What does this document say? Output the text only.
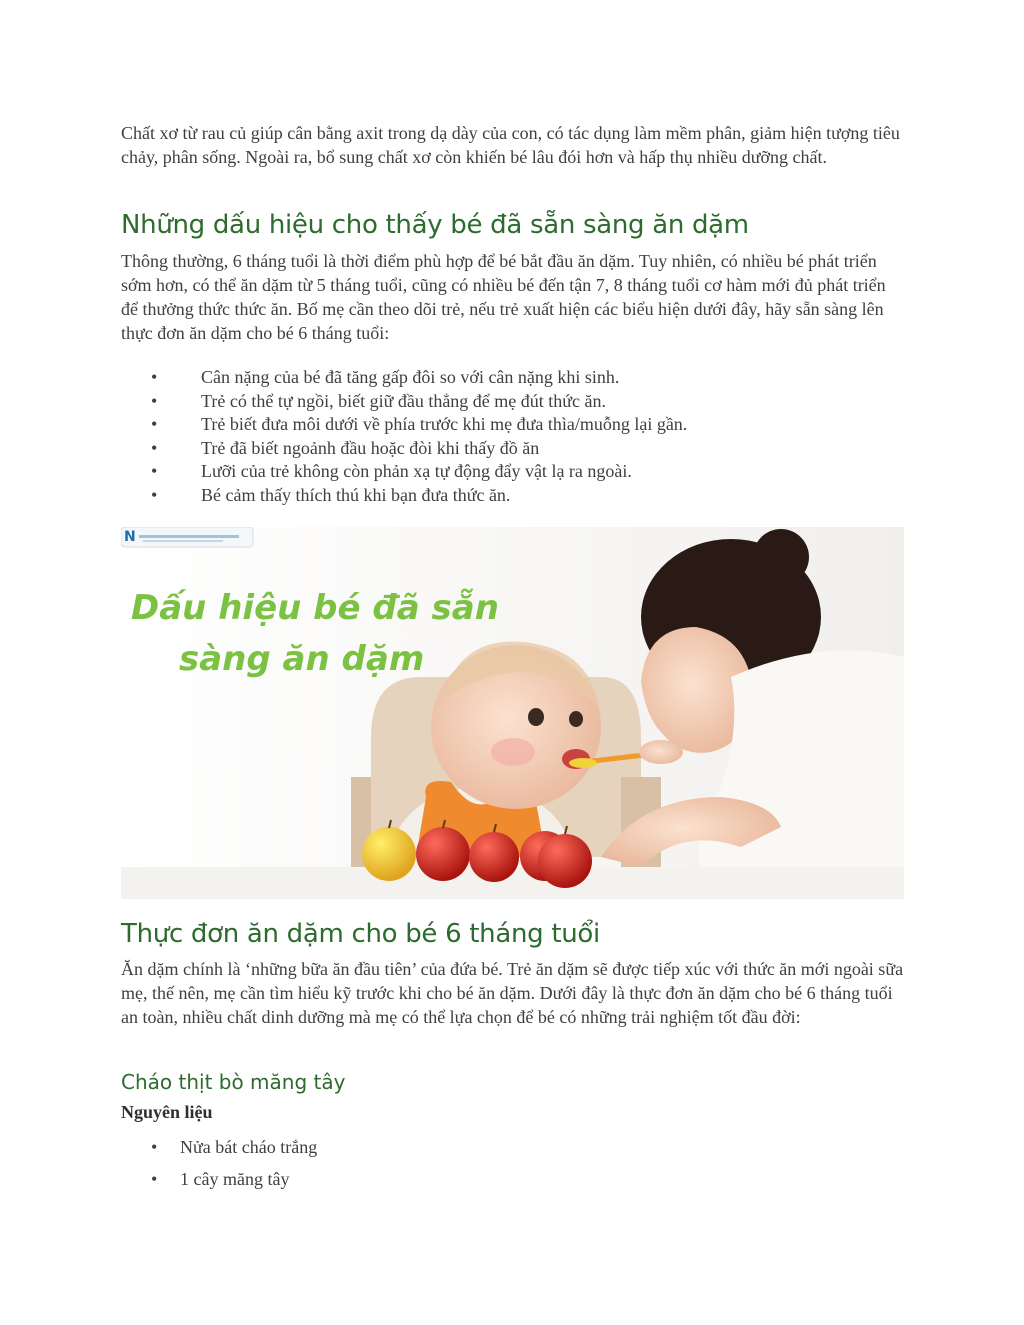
Chất xơ từ rau củ giúp cân bằng axit trong dạ dày của con, có tác dụng làm mềm phân, giảm hiện tượng tiêu chảy, phân sống. Ngoài ra, bổ sung chất xơ còn khiến bé lâu đói hơn và hấp thụ nhiều dưỡng chất.

Những dấu hiệu cho thấy bé đã sẵn sàng ăn dặm

Thông thường, 6 tháng tuổi là thời điểm phù hợp để bé bắt đầu ăn dặm. Tuy nhiên, có nhiều bé phát triển sớm hơn, có thể ăn dặm từ 5 tháng tuổi, cũng có nhiều bé đến tận 7, 8 tháng tuổi cơ hàm mới đủ phát triển để thưởng thức thức ăn. Bố mẹ cần theo dõi trẻ, nếu trẻ xuất hiện các biểu hiện dưới đây, hãy sẵn sàng lên thực đơn ăn dặm cho bé 6 tháng tuổi:

• Cân nặng của bé đã tăng gấp đôi so với cân nặng khi sinh.
• Trẻ có thể tự ngồi, biết giữ đầu thẳng để mẹ đút thức ăn.
• Trẻ biết đưa môi dưới về phía trước khi mẹ đưa thìa/muỗng lại gần.
• Trẻ đã biết ngoảnh đầu hoặc đòi khi thấy đồ ăn
• Lưỡi của trẻ không còn phản xạ tự động đẩy vật lạ ra ngoài.
• Bé cảm thấy thích thú khi bạn đưa thức ăn.
N
Dấu hiệu bé đã sẵn
sàng ăn dặm
Thực đơn ăn dặm cho bé 6 tháng tuổi

Ăn dặm chính là ‘những bữa ăn đầu tiên’ của đứa bé. Trẻ ăn dặm sẽ được tiếp xúc với thức ăn mới ngoài sữa mẹ, thế nên, mẹ cần tìm hiểu kỹ trước khi cho bé ăn dặm. Dưới đây là thực đơn ăn dặm cho bé 6 tháng tuổi an toàn, nhiều chất dinh dưỡng mà mẹ có thể lựa chọn để bé có những trải nghiệm tốt đầu đời:

Cháo thịt bò măng tây

Nguyên liệu

• Nửa bát cháo trắng
• 1 cây măng tây
